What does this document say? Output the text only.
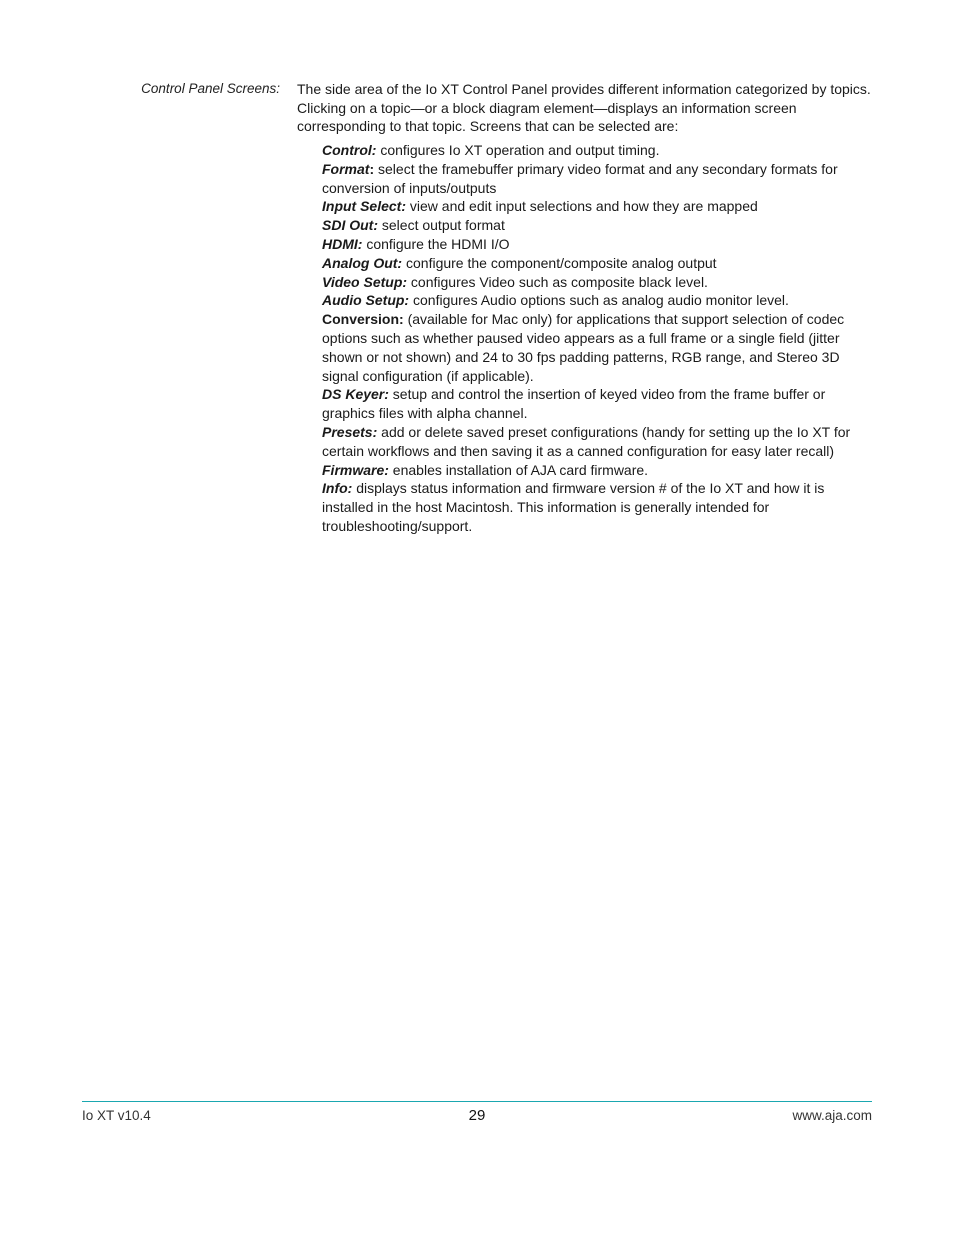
Control Panel Screens: The side area of the Io XT Control Panel provides different information categorized by topics. Clicking on a topic—or a block diagram element—displays an information screen corresponding to that topic. Screens that can be selected are:
Control: configures Io XT operation and output timing.
Format: select the framebuffer primary video format and any secondary formats for conversion of inputs/outputs
Input Select: view and edit input selections and how they are mapped
SDI Out: select output format
HDMI: configure the HDMI I/O
Analog Out: configure the component/composite analog output
Video Setup: configures Video such as composite black level.
Audio Setup: configures Audio options such as analog audio monitor level.
Conversion: (available for Mac only) for applications that support selection of codec options such as whether paused video appears as a full frame or a single field (jitter shown or not shown) and 24 to 30 fps padding patterns, RGB range, and Stereo 3D signal configuration (if applicable).
DS Keyer: setup and control the insertion of keyed video from the frame buffer or graphics files with alpha channel.
Presets: add or delete saved preset configurations (handy for setting up the Io XT for certain workflows and then saving it as a canned configuration for easy later recall)
Firmware: enables installation of AJA card firmware.
Info: displays status information and firmware version # of the Io XT and how it is installed in the host Macintosh. This information is generally intended for troubleshooting/support.
Io XT v10.4	29	www.aja.com
